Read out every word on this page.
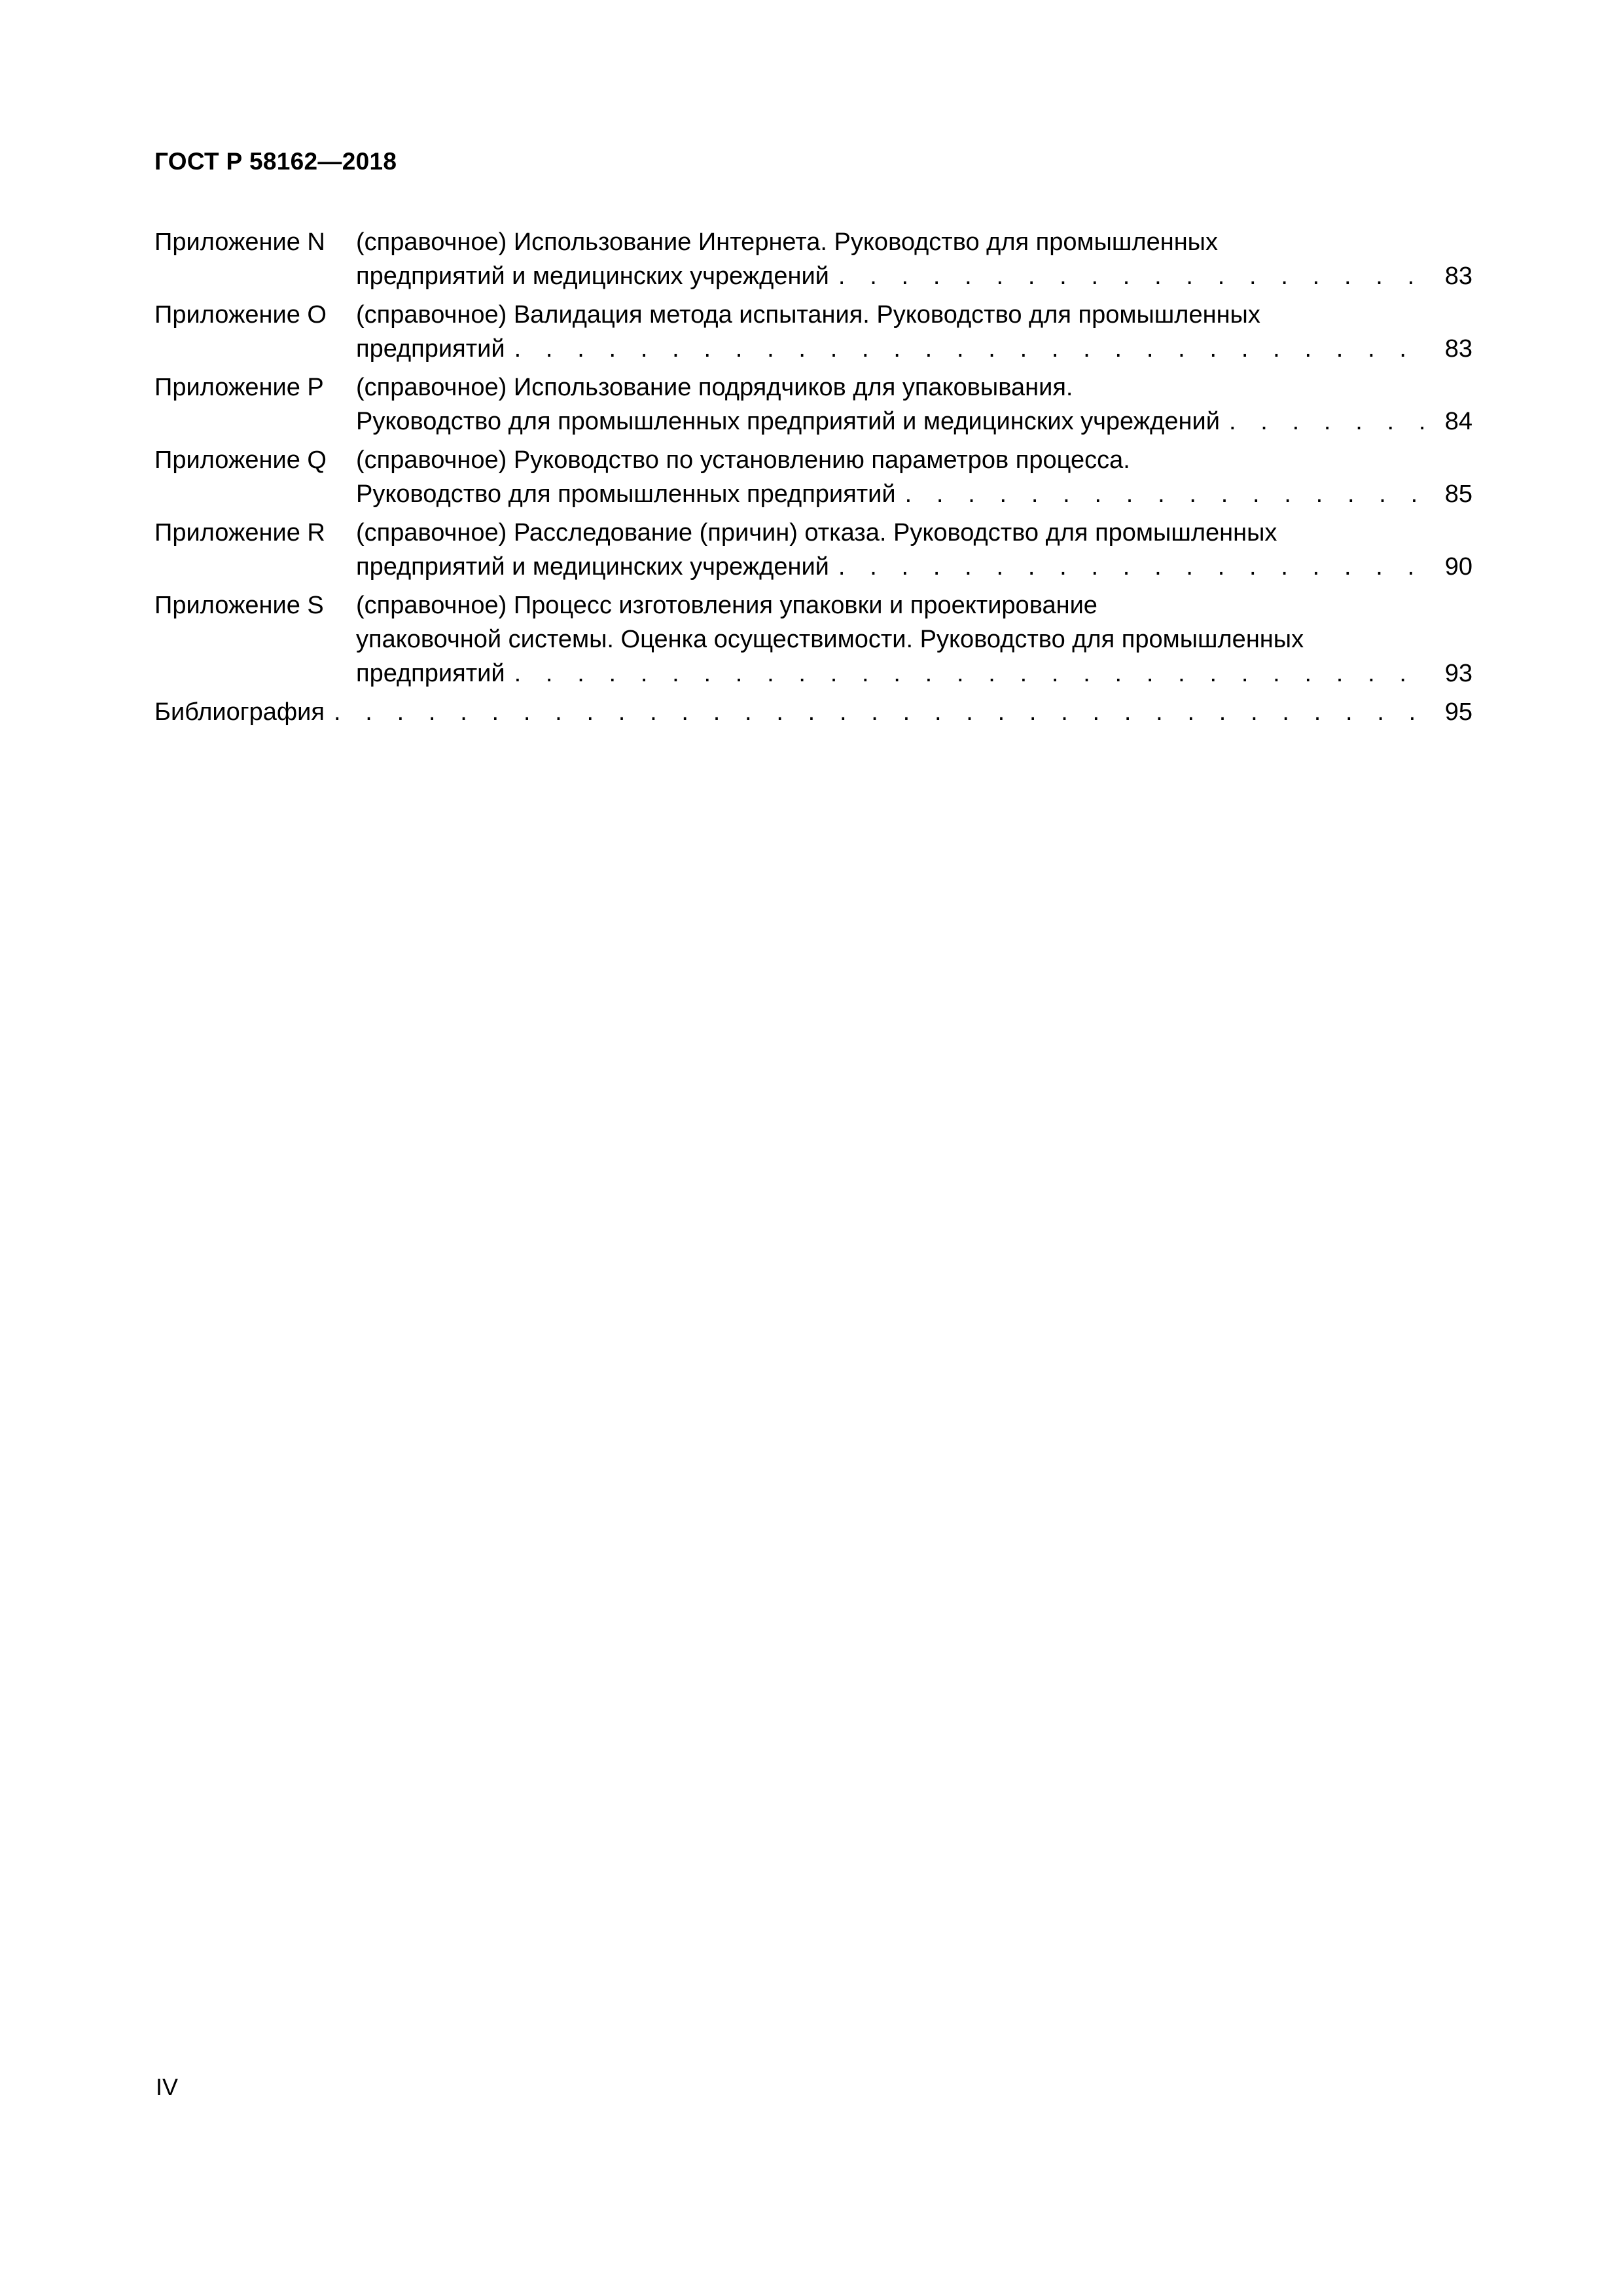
ГОСТ Р 58162—2018
Приложение N	(справочное) Использование Интернета. Руководство для промышленных
предприятий и медицинских учреждений . . .	83
Приложение O	(справочное) Валидация метода испытания. Руководство для промышленных
предприятий . . .	83
Приложение P	(справочное) Использование подрядчиков для упаковывания.
Руководство для промышленных предприятий и медицинских учреждений . . .	84
Приложение Q	(справочное) Руководство по установлению параметров процесса.
Руководство для промышленных предприятий . . .	85
Приложение R	(справочное) Расследование (причин) отказа. Руководство для промышленных
предприятий и медицинских учреждений . . .	90
Приложение S	(справочное) Процесс изготовления упаковки и проектирование
упаковочной системы. Оценка осуществимости. Руководство для промышленных
предприятий . . .	93
Библиография . . .	95
IV
